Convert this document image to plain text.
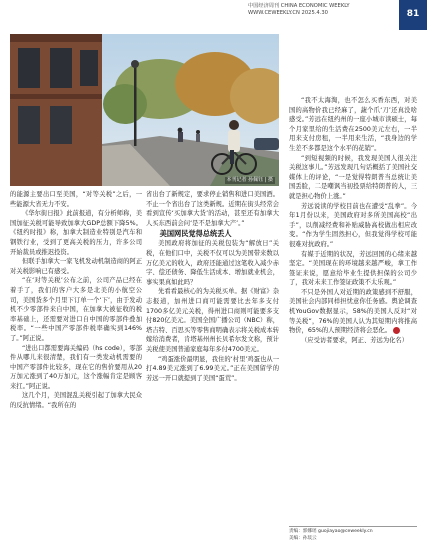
中国经济周刊 CHINA ECONOMIC WEEKLY
WWW.CEWEEKLY.CN 2025.4.30	81
本刊记者 孙佩钰 | 摄

的能源主要出口至美国，“对等关税”之后，一些能源大省无力不安。

《华尔街日报》此前报道，有分析师称，美国加征关税可能导致加拿大GDP总额下降5%。《纽约时报》称，加拿大制造业特别是汽车和钢铁行业，受到了更高关税的压力，许多公司开始裁员或推迟投资。

但联手加拿大一家飞机发动机制造商的阿正对关税影响已有感受。

“在‘对等关税’公布之前，公司产品已经在着手了，我们的客户大多是北美的小航空公司，美国货多个月里下订单一个‘下’，由于发动机不少零部件来自中国，在加拿大被征收的税率基础上，还需要对进口自中国的零部件叠加税率。“一些中国产零部件税率确实到146%了。”阿正说。

“进出口都需要海关编码（hs code），零部件从哪儿来很清楚，我们有一类发动机需要的中国产零部件比较多，现在它的售价要用从20万加元涨到了40万加元，这个涨幅肯定是顾客来扛。”阿正说。

这几个月，美国混乱关税引起了加拿大民众的反抗情绪。“我所在的

省出台了新规定，要求停止销售和进口美国酒。不止一个省出台了这类新规。近期在街头经常会看到宣传‘买加拿大货’的活动，甚至还有加拿大人买东西前会问‘是不是加拿大产’。”

美国网民觉得总统丢人

美国政府将加征的关税包装为“解放日”关税，在他们口中，关税不仅可以为美国带来数以万亿美元的收入，政府还能通过这笔收入减少赤字、偿还债务、降低生活成本、增加就业机会，事实果真如此吗？

先看看最核心的为关税买单。据《财富》杂志报道，加州进口商可能需要比去年多支付1700多亿美元关税，得州进口商则可能要多支付820亿美元。美国全国广播公司（NBC）称，塔吉特、百思买等零售商明确表示将关税成本转嫁给消费者，肯塔基州州长贝希尔发文称，预计关税使美国普通家庭每年多付4700美元。

“鸡蛋涨价最明显，我住的‘村里’鸡蛋也从一打4.89美元涨到了6.99美元。”正在美国留学的芳远一开口就提到了美国“蛋荒”。

“我不太海淘，也不怎么买香东西，对美国的高物价我已经麻了，蔬个爪‘刀’还真没啥感受。”芳远在纽约州的一座小城市读硕士，每个月家里给的生活费在2500美元左右，一半用来支付房租，一半用来生活，“我身边的学生差不多都是这个水平的花销”。

“到短视频的时候，我发现美国人很关注关税这事儿。”芳远发现几句话概括了美国社交媒体上的评论，“一是觉得特朗普当总统让美国丢脸，二是嘲讽当初投票给特朗普的人，三就是担心物价上涨。”

芳远说读的学校目前也在遭受“乱拳”。今年1月份以来，美国政府对多所美国高校“出手”，以削减经费和补贴威胁高校做出相应改变。“作为学生固然担心，但我觉得学校可能很难对抗政府。”

有媒于近期的状况，芳远回国的心绪来越坚定。“美国现在的环境越来越严峻，拿工作签证来说，愿意给毕业生提供担保的公司少了，我对未来工作签证政策不太乐观。”

不只是外国人对近期的政策感到不舒服，美国社会内部同样担忧意你任务感。舆论调查机YouGov数据显示，58%的美国人反对“对等关税”，76%的美国人认为其短期内将推高物价，65%的人预期经济将会恶化。

（应受访者要求，阿正、芳远为化名）

责编：郭娜瑶 guojiayao@ceweekly.cn
美编：孙琰云
